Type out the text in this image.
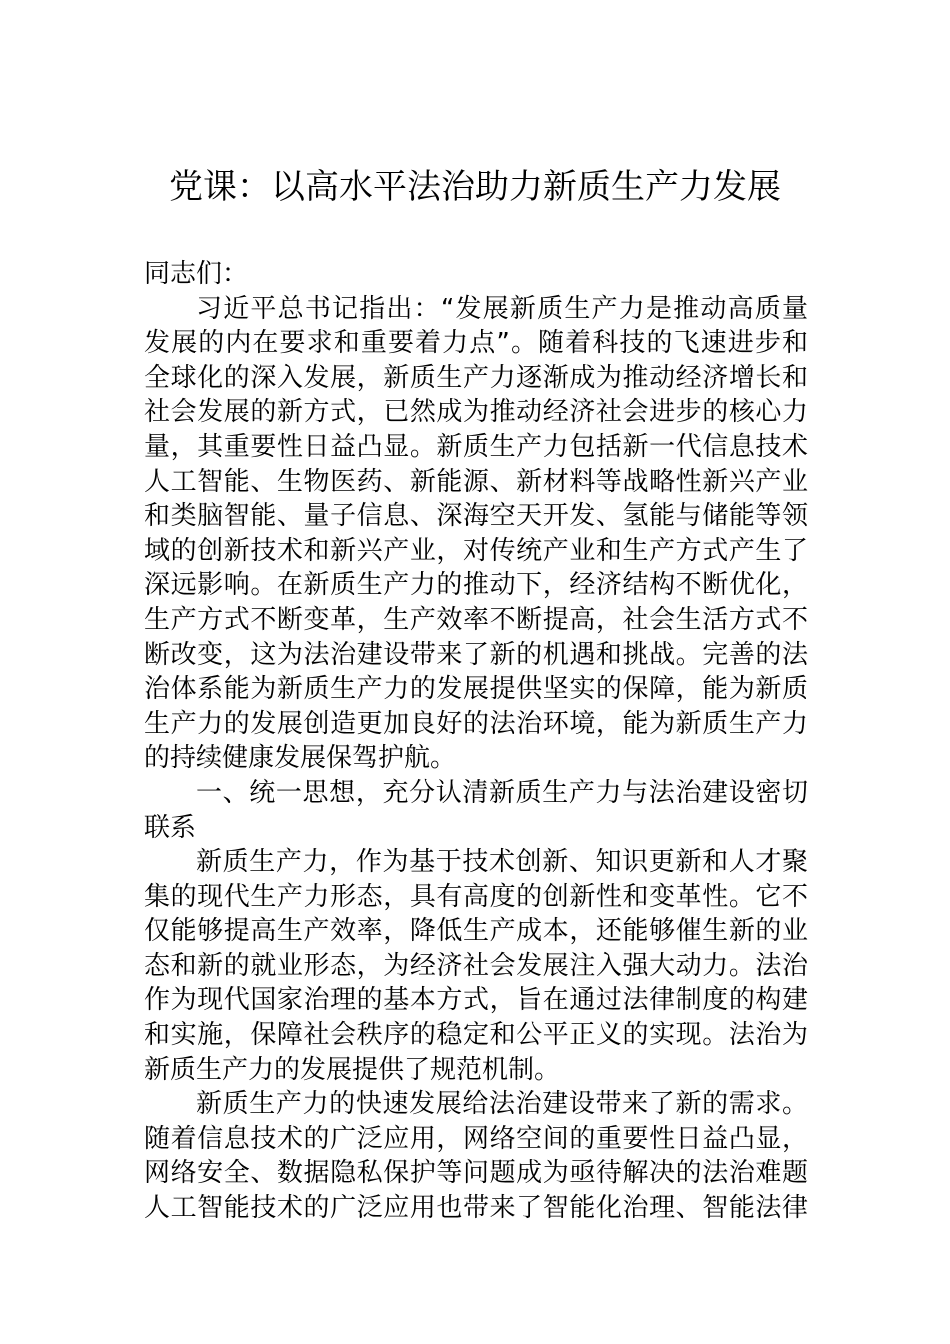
党课：以高水平法治助力新质生产力发展
同志们：
习近平总书记指出：“发展新质生产力是推动高质量
发展的内在要求和重要着力点”。随着科技的飞速进步和
全球化的深入发展，新质生产力逐渐成为推动经济增长和
社会发展的新方式，已然成为推动经济社会进步的核心力
量，其重要性日益凸显。新质生产力包括新一代信息技术
人工智能、生物医药、新能源、新材料等战略性新兴产业
和类脑智能、量子信息、深海空天开发、氢能与储能等领
域的创新技术和新兴产业，对传统产业和生产方式产生了
深远影响。在新质生产力的推动下，经济结构不断优化，
生产方式不断变革，生产效率不断提高，社会生活方式不
断改变，这为法治建设带来了新的机遇和挑战。完善的法
治体系能为新质生产力的发展提供坚实的保障，能为新质
生产力的发展创造更加良好的法治环境，能为新质生产力
的持续健康发展保驾护航。
一、统一思想，充分认清新质生产力与法治建设密切
联系
新质生产力，作为基于技术创新、知识更新和人才聚
集的现代生产力形态，具有高度的创新性和变革性。它不
仅能够提高生产效率，降低生产成本，还能够催生新的业
态和新的就业形态，为经济社会发展注入强大动力。法治
作为现代国家治理的基本方式，旨在通过法律制度的构建
和实施，保障社会秩序的稳定和公平正义的实现。法治为
新质生产力的发展提供了规范机制。
新质生产力的快速发展给法治建设带来了新的需求。
随着信息技术的广泛应用，网络空间的重要性日益凸显，
网络安全、数据隐私保护等问题成为亟待解决的法治难题
人工智能技术的广泛应用也带来了智能化治理、智能法律
